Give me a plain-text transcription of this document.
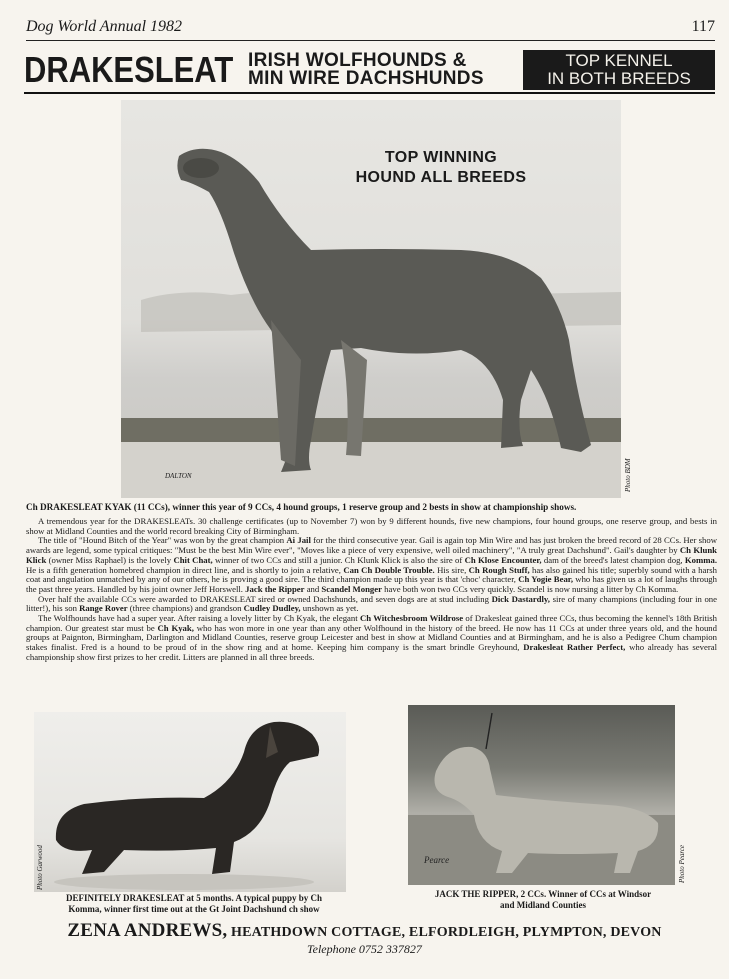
Dog World Annual 1982	117
DRAKESLEAT IRISH WOLFHOUNDS &
MIN WIRE DACHSHUNDS
TOP KENNEL
IN BOTH BREEDS
TOP WINNING
HOUND ALL BREEDS
DALTON	Photo BDM
Ch DRAKESLEAT KYAK (11 CCs), winner this year of 9 CCs, 4 hound groups, 1 reserve group and 2 bests in show at championship shows.

A tremendous year for the DRAKESLEATs. 30 challenge certificates (up to November 7) won by 9 different hounds, five new champions, four hound groups, one reserve group, and bests in show at Midland Counties and the world record breaking City of Birmingham.

The title of "Hound Bitch of the Year" was won by the great champion Ai Jail for the third consecutive year. Gail is again top Min Wire and has just broken the breed record of 28 CCs. Her show awards are legend, some typical critiques: "Must be the best Min Wire ever", "Moves like a piece of very expensive, well oiled machinery", "A truly great Dachshund". Gail's daughter by Ch Klunk Klick (owner Miss Raphael) is the lovely Chit Chat, winner of two CCs and still a junior. Ch Klunk Klick is also the sire of Ch Klose Encounter, dam of the breed's latest champion dog, Komma. He is a fifth generation homebred champion in direct line, and is shortly to join a relative, Can Ch Double Trouble. His sire, Ch Rough Stuff, has also gained his title; superbly sound with a harsh coat and angulation unmatched by any of our others, he is proving a good sire. The third champion made up this year is that 'choc' character, Ch Yogie Bear, who has given us a lot of laughs through the past three years. Handled by his joint owner Jeff Horswell. Jack the Ripper and Scandel Monger have both won two CCs very quickly. Scandel is now nursing a litter by Ch Komma.

Over half the available CCs were awarded to DRAKESLEAT sired or owned Dachshunds, and seven dogs are at stud including Dick Dastardly, sire of many champions (including four in one litter!), his son Range Rover (three champions) and grandson Cudley Dudley, unshown as yet.

The Wolfhounds have had a super year. After raising a lovely litter by Ch Kyak, the elegant Ch Witchesbroom Wildrose of Drakesleat gained three CCs, thus becoming the kennel's 18th British champion. Our greatest star must be Ch Kyak, who has won more in one year than any other Wolfhound in the history of the breed. He now has 11 CCs at under three years old, and the hound groups at Paignton, Birmingham, Darlington and Midland Counties, reserve group Leicester and best in show at Midland Counties and at Birmingham, and he is also a Pedigree Chum champion stakes finalist. Fred is a hound to be proud of in the show ring and at home. Keeping him company is the smart brindle Greyhound, Drakesleat Rather Perfect, who already has several championship show first prizes to her credit. Litters are planned in all three breeds.

Photo Garwood
DEFINITELY DRAKESLEAT at 5 months. A typical puppy by Ch
Komma, winner first time out at the Gt Joint Dachshund ch show
Pearce	Photo Pearce
JACK THE RIPPER, 2 CCs. Winner of CCs at Windsor
and Midland Counties
ZENA ANDREWS, HEATHDOWN COTTAGE, ELFORDLEIGH, PLYMPTON, DEVON
Telephone 0752 337827
